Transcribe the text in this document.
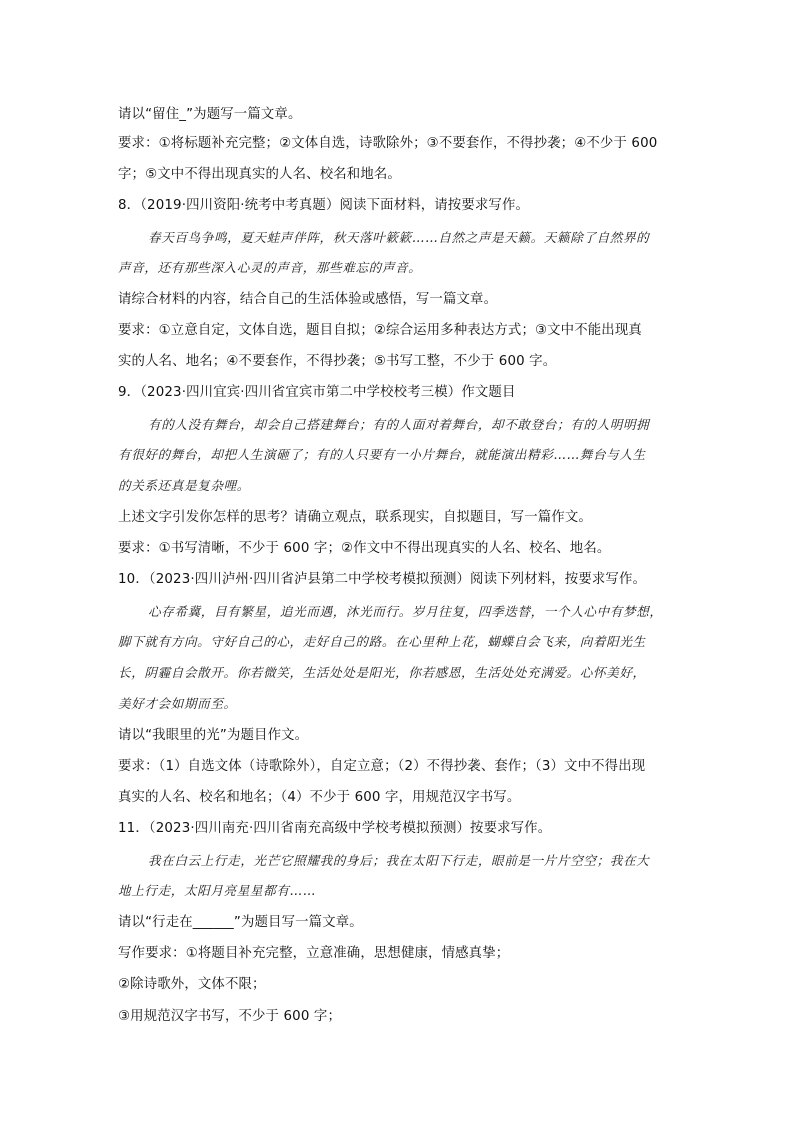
请以“留住_”为题写一篇文章。
要求：①将标题补充完整；②文体自选，诗歌除外；③不要套作，不得抄袭；④不少于 600
字；⑤文中不得出现真实的人名、校名和地名。
8．（2019·四川资阳·统考中考真题）阅读下面材料，请按要求写作。
春天百鸟争鸣，夏天蛙声伴阵，秋天落叶簌簌……自然之声是天籁。天籁除了自然界的
声音，还有那些深入心灵的声音，那些难忘的声音。
请综合材料的内容，结合自己的生活体验或感悟，写一篇文章。
要求：①立意自定，文体自选，题目自拟；②综合运用多种表达方式；③文中不能出现真
实的人名、地名；④不要套作，不得抄袭；⑤书写工整，不少于 600 字。
9．（2023·四川宜宾·四川省宜宾市第二中学校校考三模）作文题目
有的人没有舞台，却会自己搭建舞台；有的人面对着舞台，却不敢登台；有的人明明拥
有很好的舞台，却把人生演砸了；有的人只要有一小片舞台，就能演出精彩……舞台与人生
的关系还真是复杂哩。
上述文字引发你怎样的思考？请确立观点，联系现实，自拟题目，写一篇作文。
要求：①书写清晰，不少于 600 字；②作文中不得出现真实的人名、校名、地名。
10．（2023·四川泸州·四川省泸县第二中学校考模拟预测）阅读下列材料，按要求写作。
心存希冀，目有繁星，追光而遇，沐光而行。岁月往复，四季迭替，一个人心中有梦想，
脚下就有方向。守好自己的心，走好自己的路。在心里种上花，蝴蝶自会飞来，向着阳光生
长，阴霾自会散开。你若微笑，生活处处是阳光，你若感恩，生活处处充满爱。心怀美好，
美好才会如期而至。
请以“我眼里的光”为题目作文。
要求：（1）自选文体（诗歌除外），自定立意；（2）不得抄袭、套作；（3）文中不得出现
真实的人名、校名和地名；（4）不少于 600 字，用规范汉字书写。
11．（2023·四川南充·四川省南充高级中学校考模拟预测）按要求写作。
我在白云上行走，光芒它照耀我的身后；我在太阳下行走，眼前是一片片空空；我在大
地上行走，太阳月亮星星都有……
请以“行走在______”为题目写一篇文章。
写作要求：①将题目补充完整，立意准确，思想健康，情感真挚；
②除诗歌外，文体不限；
③用规范汉字书写，不少于 600 字；
